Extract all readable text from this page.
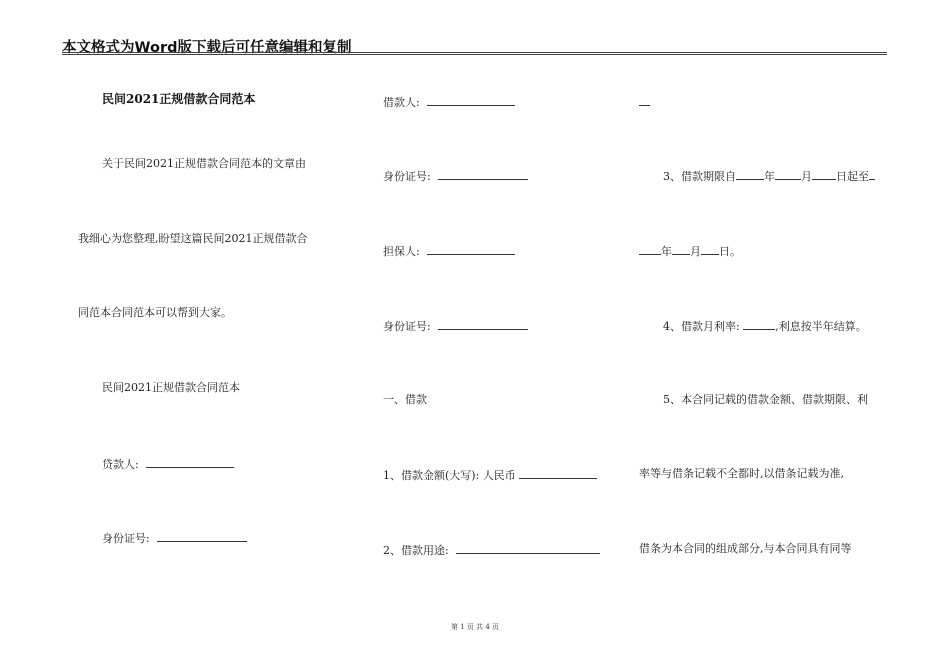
本文格式为Word版下载后可任意编辑和复制
民间2021正规借款合同范本
关于民间2021正规借款合同范本的文章由
我细心为您整理,盼望这篇民间2021正规借款合
同范本合同范本可以帮到大家。
民间2021正规借款合同范本
贷款人:
身份证号:
借款人:
身份证号:
担保人:
身份证号:
一、借款
1、借款金额(大写): 人民币
2、借款用途:
3、借款期限自	年 月 日起至
年 月 日。
4、借款月利率:	,利息按半年结算。
5、本合同记载的借款金额、借款期限、利
率等与借条记载不全都时,以借条记载为准,
借条为本合同的组成部分,与本合同具有同等
第 1 页 共 4 页
